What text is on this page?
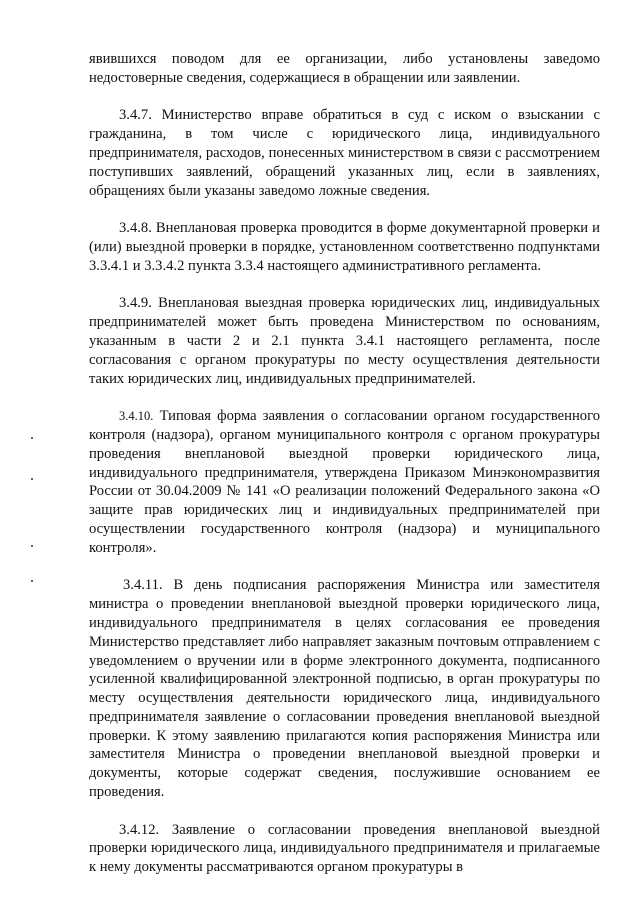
явившихся поводом для ее организации, либо установлены заведомо недостоверные сведения, содержащиеся в обращении или заявлении.

3.4.7. Министерство вправе обратиться в суд с иском о взыскании с гражданина, в том числе с юридического лица, индивидуального предпринимателя, расходов, понесенных министерством в связи с рассмотрением поступивших заявлений, обращений указанных лиц, если в заявлениях, обращениях были указаны заведомо ложные сведения.

3.4.8. Внеплановая проверка проводится в форме документарной проверки и (или) выездной проверки в порядке, установленном соответственно подпунктами 3.3.4.1 и 3.3.4.2 пункта 3.3.4 настоящего административного регламента.

3.4.9. Внеплановая выездная проверка юридических лиц, индивидуальных предпринимателей может быть проведена Министерством по основаниям, указанным в части 2 и 2.1 пункта 3.4.1 настоящего регламента, после согласования с органом прокуратуры по месту осуществления деятельности таких юридических лиц, индивидуальных предпринимателей.

3.4.10. Типовая форма заявления о согласовании органом государственного контроля (надзора), органом муниципального контроля с органом прокуратуры проведения внеплановой выездной проверки юридического лица, индивидуального предпринимателя, утверждена Приказом Минэкономразвития России от 30.04.2009 № 141 «О реализации положений Федерального закона «О защите прав юридических лиц и индивидуальных предпринимателей при осуществлении государственного контроля (надзора) и муниципального контроля».

3.4.11. В день подписания распоряжения Министра или заместителя министра о проведении внеплановой выездной проверки юридического лица, индивидуального предпринимателя в целях согласования ее проведения Министерство представляет либо направляет заказным почтовым отправлением с уведомлением о вручении или в форме электронного документа, подписанного усиленной квалифицированной электронной подписью, в орган прокуратуры по месту осуществления деятельности юридического лица, индивидуального предпринимателя заявление о согласовании проведения внеплановой выездной проверки. К этому заявлению прилагаются копия распоряжения Министра или заместителя Министра о проведении внеплановой выездной проверки и документы, которые содержат сведения, послужившие основанием ее проведения.

3.4.12. Заявление о согласовании проведения внеплановой выездной проверки юридического лица, индивидуального предпринимателя и прилагаемые к нему документы рассматриваются органом прокуратуры в
